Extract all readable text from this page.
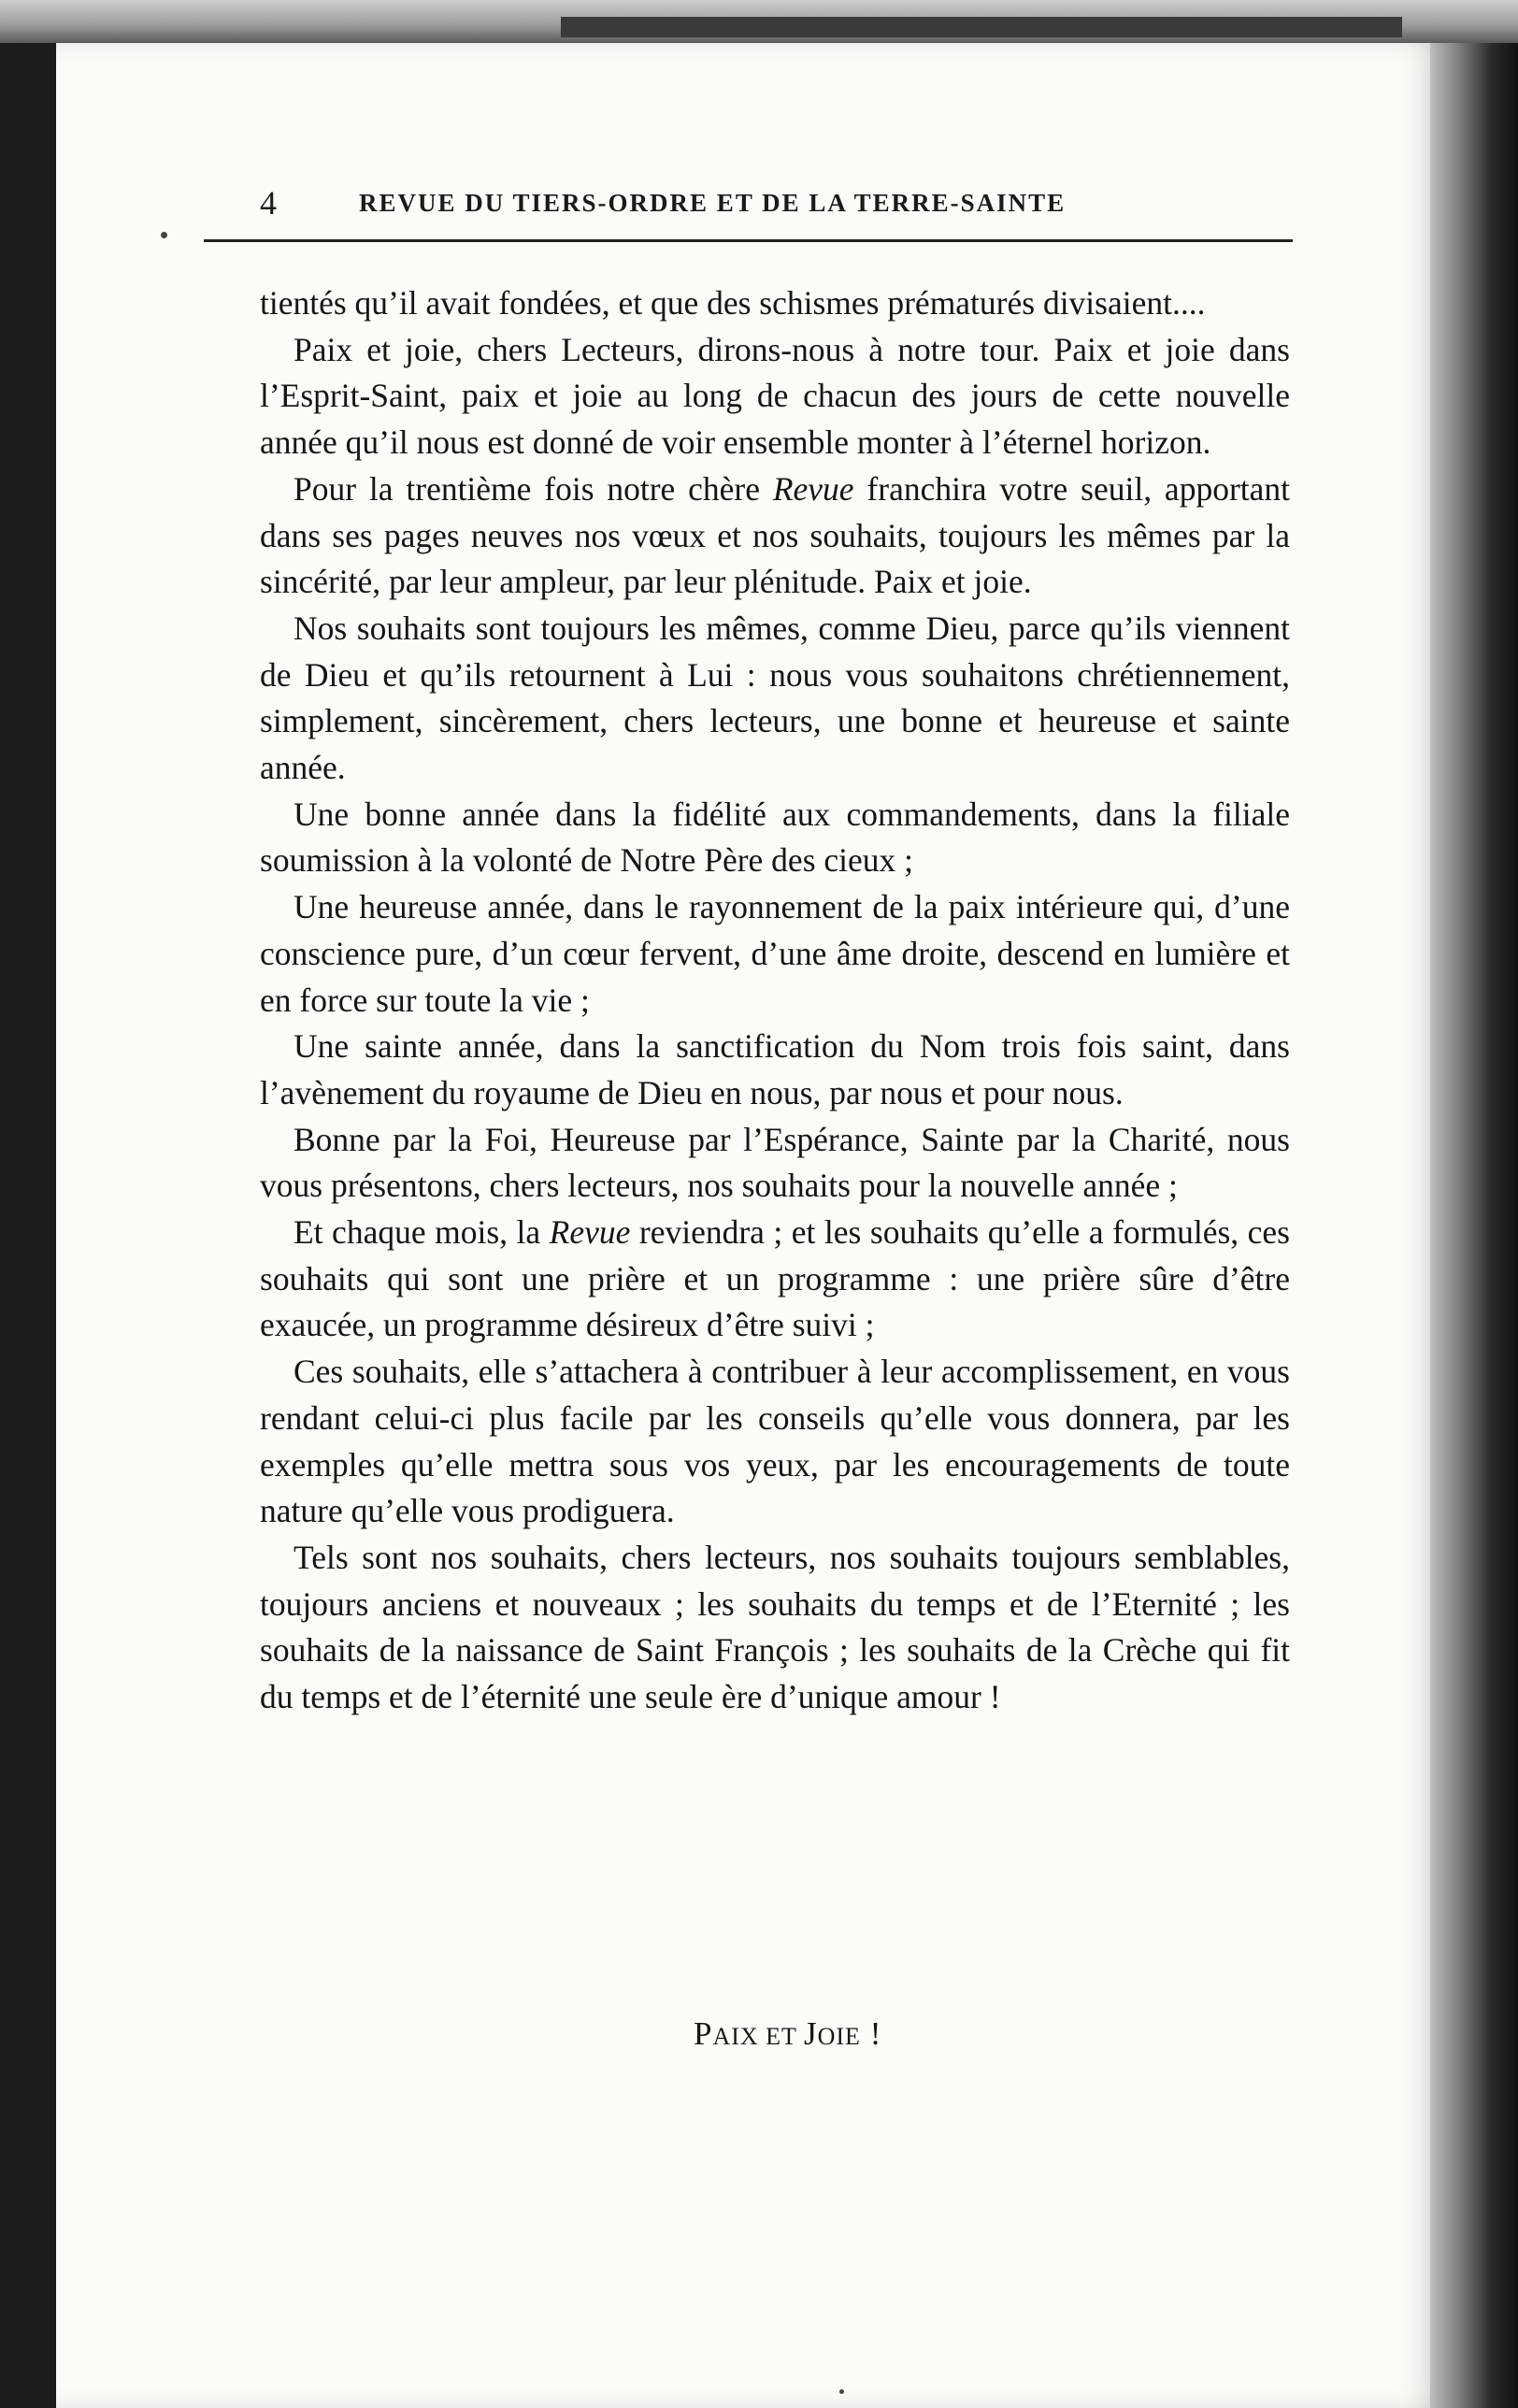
4	REVUE DU TIERS-ORDRE ET DE LA TERRE-SAINTE

tientés qu’il avait fondées, et que des schismes prématurés divisaient....

Paix et joie, chers Lecteurs, dirons-nous à notre tour. Paix et joie dans l’Esprit-Saint, paix et joie au long de chacun des jours de cette nouvelle année qu’il nous est donné de voir ensemble monter à l’éternel horizon.

Pour la trentième fois notre chère Revue franchira votre seuil, apportant dans ses pages neuves nos vœux et nos souhaits, toujours les mêmes par la sincérité, par leur ampleur, par leur plénitude. Paix et joie.

Nos souhaits sont toujours les mêmes, comme Dieu, parce qu’ils viennent de Dieu et qu’ils retournent à Lui : nous vous souhaitons chrétiennement, simplement, sincèrement, chers lecteurs, une bonne et heureuse et sainte année.

Une bonne année dans la fidélité aux commandements, dans la filiale soumission à la volonté de Notre Père des cieux ;

Une heureuse année, dans le rayonnement de la paix intérieure qui, d’une conscience pure, d’un cœur fervent, d’une âme droite, descend en lumière et en force sur toute la vie ;

Une sainte année, dans la sanctification du Nom trois fois saint, dans l’avènement du royaume de Dieu en nous, par nous et pour nous.

Bonne par la Foi, Heureuse par l’Espérance, Sainte par la Charité, nous vous présentons, chers lecteurs, nos souhaits pour la nouvelle année ;

Et chaque mois, la Revue reviendra ; et les souhaits qu’elle a formulés, ces souhaits qui sont une prière et un programme : une prière sûre d’être exaucée, un programme désireux d’être suivi ;

Ces souhaits, elle s’attachera à contribuer à leur accomplissement, en vous rendant celui-ci plus facile par les conseils qu’elle vous donnera, par les exemples qu’elle mettra sous vos yeux, par les encouragements de toute nature qu’elle vous prodiguera.

Tels sont nos souhaits, chers lecteurs, nos souhaits toujours semblables, toujours anciens et nouveaux ; les souhaits du temps et de l’Eternité ; les souhaits de la naissance de Saint François ; les souhaits de la Crèche qui fit du temps et de l’éternité une seule ère d’unique amour !

PAIX ET JOIE !
